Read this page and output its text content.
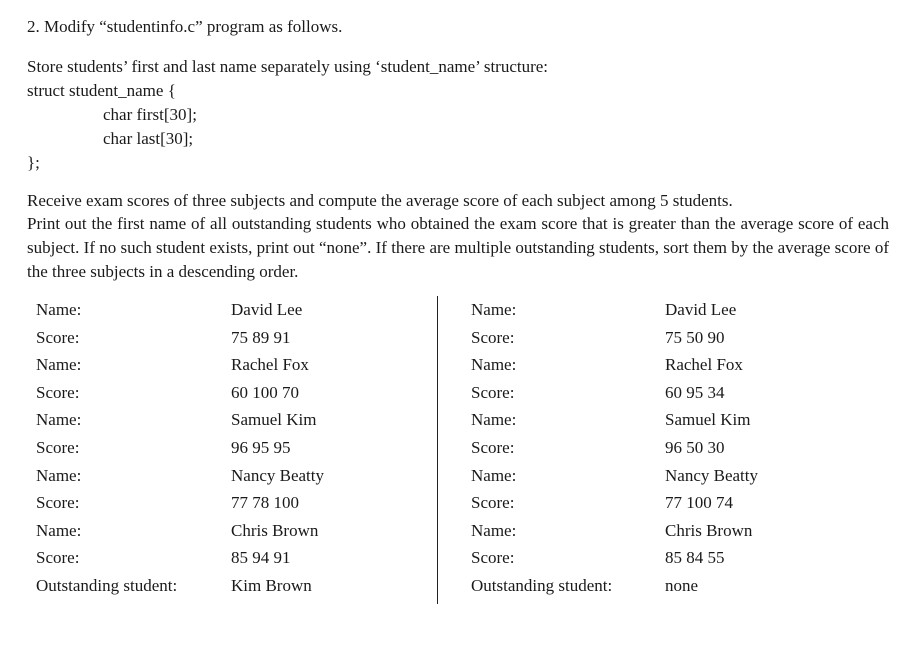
2. Modify “studentinfo.c” program as follows.
Store students’ first and last name separately using ‘student_name’ structure:
struct student_name {
char first[30];
char last[30];
};
Receive exam scores of three subjects and compute the average score of each subject among 5 students.
Print out the first name of all outstanding students who obtained the exam score that is greater than the average score of each subject. If no such student exists, print out “none”. If there are multiple outstanding students, sort them by the average score of the three subjects in a descending order.
Name:	David Lee
Score:	75 89 91
Name:	Rachel Fox
Score:	60 100 70
Name:	Samuel Kim
Score:	96 95 95
Name:	Nancy Beatty
Score:	77 78 100
Name:	Chris Brown
Score:	85 94 91
Outstanding student:	Kim Brown
Name:	David Lee
Score:	75 50 90
Name:	Rachel Fox
Score:	60 95 34
Name:	Samuel Kim
Score:	96 50 30
Name:	Nancy Beatty
Score:	77 100 74
Name:	Chris Brown
Score:	85 84 55
Outstanding student:	none
